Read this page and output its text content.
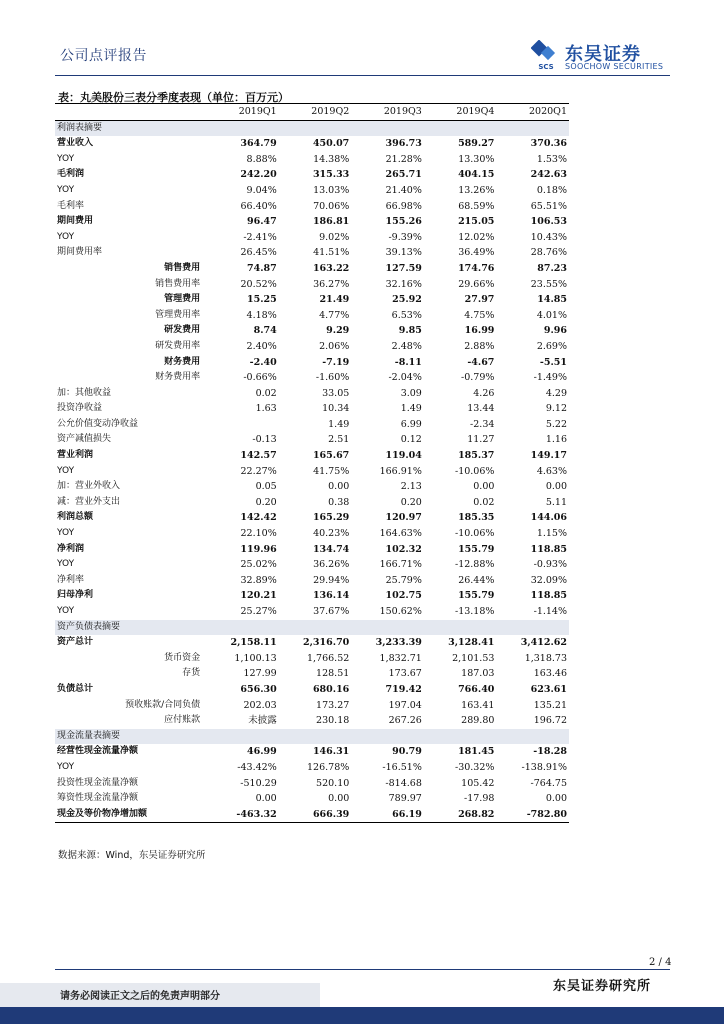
公司点评报告
SCS
东吴证券
SOOCHOW SECURITIES
表：丸美股份三表分季度表现（单位：百万元）
	2019Q1	2019Q2	2019Q3	2019Q4	2020Q1
利润表摘要					
营业收入	364.79	450.07	396.73	589.27	370.36
YOY	8.88%	14.38%	21.28%	13.30%	1.53%
毛利润	242.20	315.33	265.71	404.15	242.63
YOY	9.04%	13.03%	21.40%	13.26%	0.18%
毛利率	66.40%	70.06%	66.98%	68.59%	65.51%
期间费用	96.47	186.81	155.26	215.05	106.53
YOY	-2.41%	9.02%	-9.39%	12.02%	10.43%
期间费用率	26.45%	41.51%	39.13%	36.49%	28.76%
销售费用	74.87	163.22	127.59	174.76	87.23
销售费用率	20.52%	36.27%	32.16%	29.66%	23.55%
管理费用	15.25	21.49	25.92	27.97	14.85
管理费用率	4.18%	4.77%	6.53%	4.75%	4.01%
研发费用	8.74	9.29	9.85	16.99	9.96
研发费用率	2.40%	2.06%	2.48%	2.88%	2.69%
财务费用	-2.40	-7.19	-8.11	-4.67	-5.51
财务费用率	-0.66%	-1.60%	-2.04%	-0.79%	-1.49%
加：其他收益	0.02	33.05	3.09	4.26	4.29
投资净收益	1.63	10.34	1.49	13.44	9.12
公允价值变动净收益		1.49	6.99	-2.34	5.22
资产减值损失	-0.13	2.51	0.12	11.27	1.16
营业利润	142.57	165.67	119.04	185.37	149.17
YOY	22.27%	41.75%	166.91%	-10.06%	4.63%
加：营业外收入	0.05	0.00	2.13	0.00	0.00
减：营业外支出	0.20	0.38	0.20	0.02	5.11
利润总额	142.42	165.29	120.97	185.35	144.06
YOY	22.10%	40.23%	164.63%	-10.06%	1.15%
净利润	119.96	134.74	102.32	155.79	118.85
YOY	25.02%	36.26%	166.71%	-12.88%	-0.93%
净利率	32.89%	29.94%	25.79%	26.44%	32.09%
归母净利	120.21	136.14	102.75	155.79	118.85
YOY	25.27%	37.67%	150.62%	-13.18%	-1.14%
资产负债表摘要					
资产总计	2,158.11	2,316.70	3,233.39	3,128.41	3,412.62
货币资金	1,100.13	1,766.52	1,832.71	2,101.53	1,318.73
存货	127.99	128.51	173.67	187.03	163.46
负债总计	656.30	680.16	719.42	766.40	623.61
预收账款/合同负债	202.03	173.27	197.04	163.41	135.21
应付账款	未披露	230.18	267.26	289.80	196.72
现金流量表摘要					
经营性现金流量净额	46.99	146.31	90.79	181.45	-18.28
YOY	-43.42%	126.78%	-16.51%	-30.32%	-138.91%
投资性现金流量净额	-510.29	520.10	-814.68	105.42	-764.75
筹资性现金流量净额	0.00	0.00	789.97	-17.98	0.00
现金及等价物净增加额	-463.32	666.39	66.19	268.82	-782.80
数据来源：Wind，东吴证券研究所
2 / 4
请务必阅读正文之后的免责声明部分
东吴证券研究所
